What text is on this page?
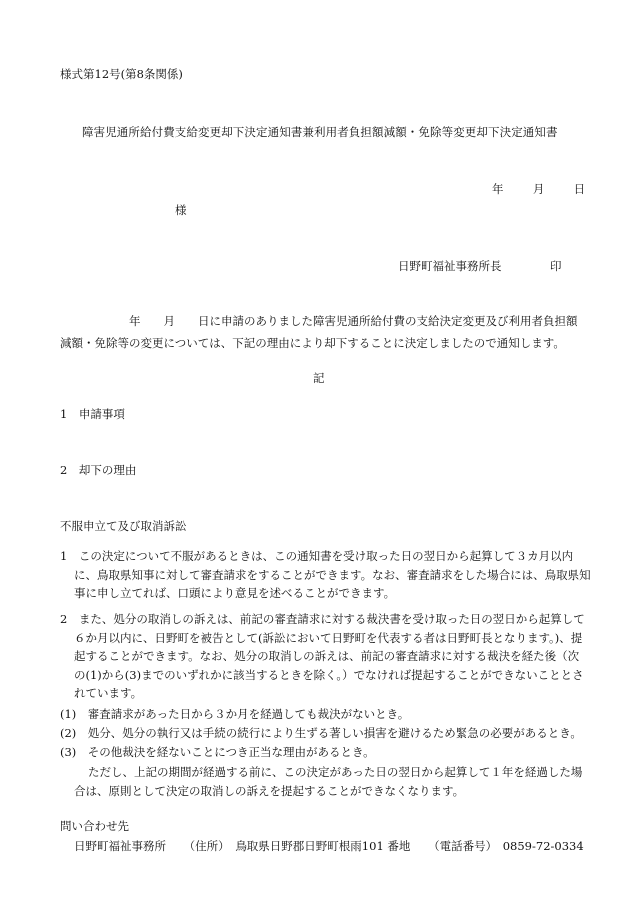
様式第12号(第8条関係)
障害児通所給付費支給変更却下決定通知書兼利用者負担額減額・免除等変更却下決定通知書
年	月	日
様
日野町福祉事務所長	印
　　　　　　年　　月　　日に申請のありました障害児通所給付費の支給決定変更及び利用者負担額減額・免除等の変更については、下記の理由により却下することに決定しましたので通知します。
記
1　申請事項
2　却下の理由
不服申立て及び取消訴訟
1　この決定について不服があるときは、この通知書を受け取った日の翌日から起算して３カ月以内に、鳥取県知事に対して審査請求をすることができます。なお、審査請求をした場合には、鳥取県知事に申し立てれば、口頭により意見を述べることができます。
2　また、処分の取消しの訴えは、前記の審査請求に対する裁決書を受け取った日の翌日から起算して６か月以内に、日野町を被告として(訴訟において日野町を代表する者は日野町長となります。)、提起することができます。なお、処分の取消しの訴えは、前記の審査請求に対する裁決を経た後（次の(1)から(3)までのいずれかに該当するときを除く。）でなければ提起することができないこととされています。
(1)　審査請求があった日から３か月を経過しても裁決がないとき。
(2)　処分、処分の執行又は手続の続行により生ずる著しい損害を避けるため緊急の必要があるとき。
(3)　その他裁決を経ないことにつき正当な理由があるとき。
ただし、上記の期間が経過する前に、この決定があった日の翌日から起算して１年を経過した場合は、原則として決定の取消しの訴えを提起することができなくなります。
問い合わせ先
日野町福祉事務所 （住所） 鳥取県日野郡日野町根雨101 番地 （電話番号） 0859-72-0334
